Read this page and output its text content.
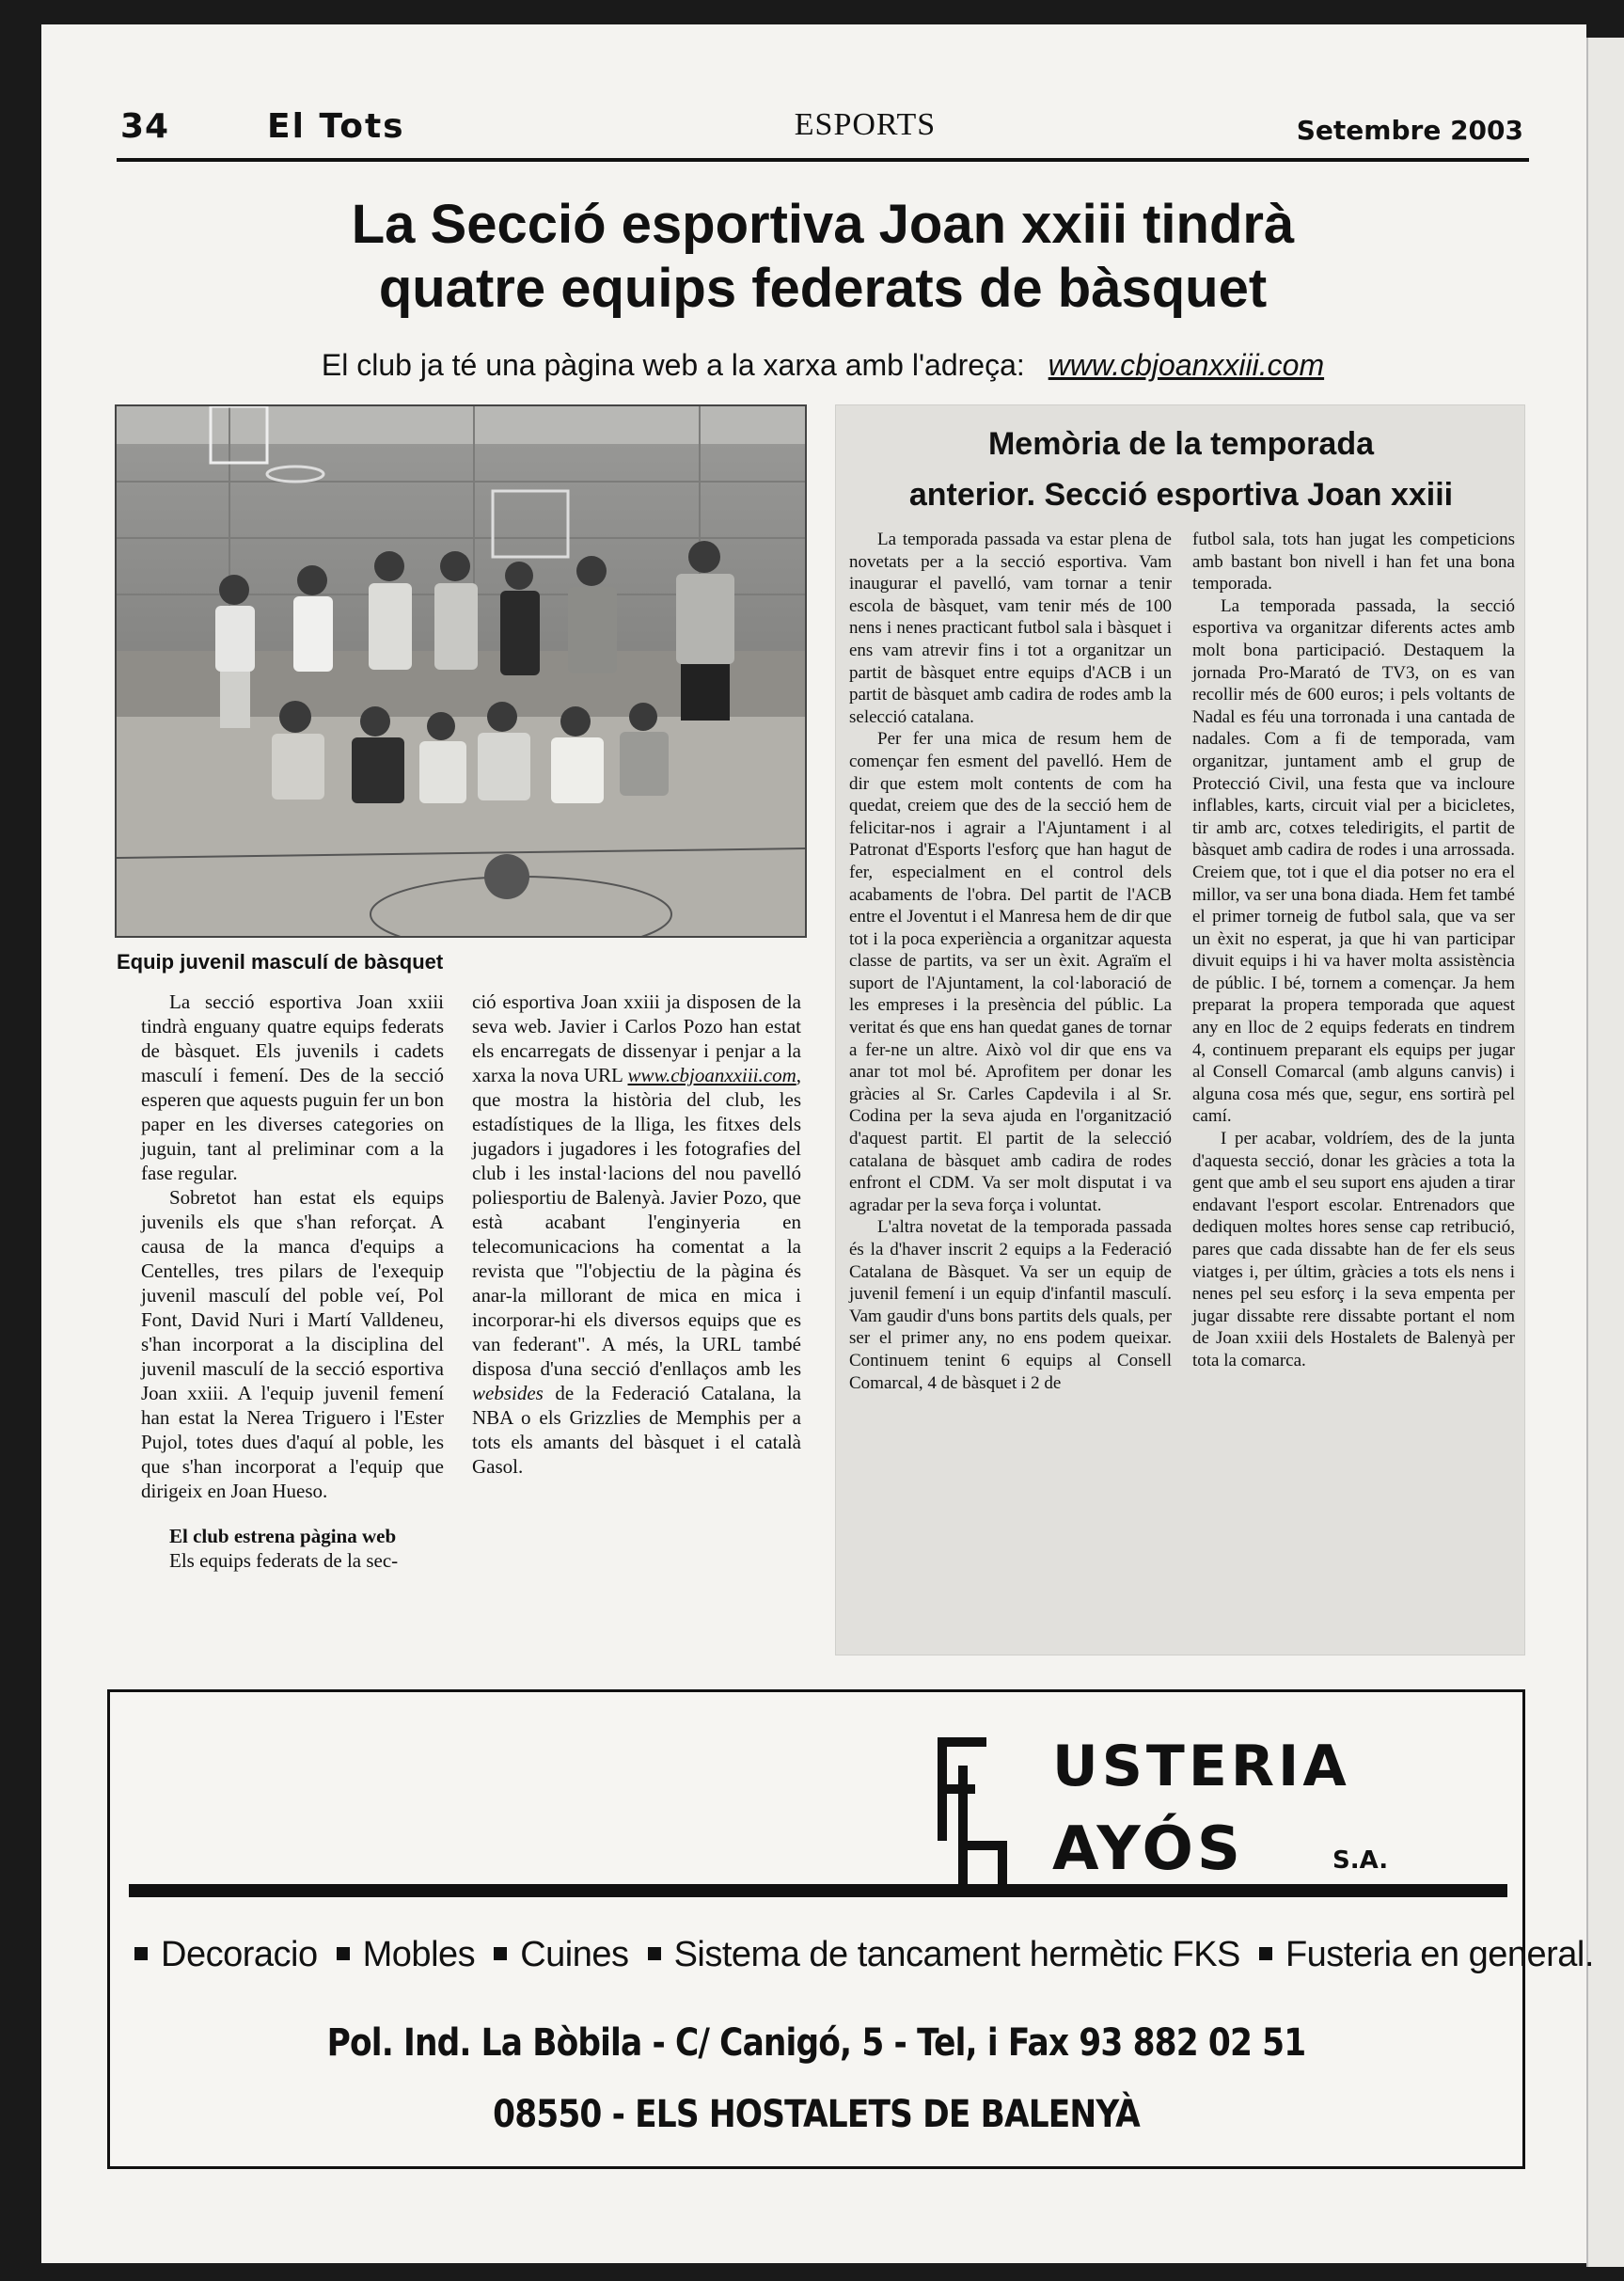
34	El Tots	ESPORTS	Setembre 2003
La Secció esportiva Joan xxiii tindrà
quatre equips federats de bàsquet
El club ja té una pàgina web a la xarxa amb l'adreça: www.cbjoanxxiii.com
Equip juvenil masculí de bàsquet

La secció esportiva Joan xxiii tindrà enguany quatre equips federats de bàsquet. Els juvenils i cadets masculí i femení. Des de la secció esperen que aquests puguin fer un bon paper en les diverses categories on juguin, tant al preliminar com a la fase regular.

Sobretot han estat els equips juvenils els que s'han reforçat. A causa de la manca d'equips a Centelles, tres pilars de l'exequip juvenil masculí del poble veí, Pol Font, David Nuri i Martí Valldeneu, s'han incorporat a la disciplina del juvenil masculí de la secció esportiva Joan xxiii. A l'equip juvenil femení han estat la Nerea Triguero i l'Ester Pujol, totes dues d'aquí al poble, les que s'han incorporat a l'equip que dirigeix en Joan Hueso.

El club estrena pàgina web

Els equips federats de la sec-

ció esportiva Joan xxiii ja disposen de la seva web. Javier i Carlos Pozo han estat els encarregats de dissenyar i penjar a la xarxa la nova URL www.cbjoanxxiii.com, que mostra la història del club, les estadístiques de la lliga, les fitxes dels jugadors i jugadores i les fotografies del club i les instal·lacions del nou pavelló poliesportiu de Balenyà. Javier Pozo, que està acabant l'enginyeria en telecomunicacions ha comentat a la revista que "l'objectiu de la pàgina és anar-la millorant de mica en mica i incorporar-hi els diversos equips que es van federant". A més, la URL també disposa d'una secció d'enllaços amb les websides de la Federació Catalana, la NBA o els Grizzlies de Memphis per a tots els amants del bàsquet i el català Gasol.

Memòria de la temporada
anterior. Secció esportiva Joan xxiii

La temporada passada va estar plena de novetats per a la secció esportiva. Vam inaugurar el pavelló, vam tornar a tenir escola de bàsquet, vam tenir més de 100 nens i nenes practicant futbol sala i bàsquet i ens vam atrevir fins i tot a organitzar un partit de bàsquet entre equips d'ACB i un partit de bàsquet amb cadira de rodes amb la selecció catalana.

Per fer una mica de resum hem de començar fen esment del pavelló. Hem de dir que estem molt contents de com ha quedat, creiem que des de la secció hem de felicitar-nos i agrair a l'Ajuntament i al Patronat d'Esports l'esforç que han hagut de fer, especialment en el control dels acabaments de l'obra. Del partit de l'ACB entre el Joventut i el Manresa hem de dir que tot i la poca experiència a organitzar aquesta classe de partits, va ser un èxit. Agraïm el suport de l'Ajuntament, la col·laboració de les empreses i la presència del públic. La veritat és que ens han quedat ganes de tornar a fer-ne un altre. Això vol dir que ens va anar tot mol bé. Aprofitem per donar les gràcies al Sr. Carles Capdevila i al Sr. Codina per la seva ajuda en l'organització d'aquest partit. El partit de la selecció catalana de bàsquet amb cadira de rodes enfront el CDM. Va ser molt disputat i va agradar per la seva força i voluntat.

L'altra novetat de la temporada passada és la d'haver inscrit 2 equips a la Federació Catalana de Bàsquet. Va ser un equip de juvenil femení i un equip d'infantil masculí. Vam gaudir d'uns bons partits dels quals, per ser el primer any, no ens podem queixar. Continuem tenint 6 equips al Consell Comarcal, 4 de bàsquet i 2 de

futbol sala, tots han jugat les competicions amb bastant bon nivell i han fet una bona temporada.

La temporada passada, la secció esportiva va organitzar diferents actes amb molt bona participació. Destaquem la jornada Pro-Marató de TV3, on es van recollir més de 600 euros; i pels voltants de Nadal es féu una torronada i una cantada de nadales. Com a fi de temporada, vam organitzar, juntament amb el grup de Protecció Civil, una festa que va incloure inflables, karts, circuit vial per a bicicletes, tir amb arc, cotxes teledirigits, el partit de bàsquet amb cadira de rodes i una arrossada. Creiem que, tot i que el dia potser no era el millor, va ser una bona diada. Hem fet també el primer torneig de futbol sala, que va ser un èxit no esperat, ja que hi van participar divuit equips i hi va haver molta assistència de públic. I bé, tornem a començar. Ja hem preparat la propera temporada que aquest any en lloc de 2 equips federats en tindrem 4, continuem preparant els equips per jugar al Consell Comarcal (amb alguns canvis) i alguna cosa més que, segur, ens sortirà pel camí.

I per acabar, voldríem, des de la junta d'aquesta secció, donar les gràcies a tota la gent que amb el seu suport ens ajuden a tirar endavant l'esport escolar. Entrenadors que dediquen moltes hores sense cap retribució, pares que cada dissabte han de fer els seus viatges i, per últim, gràcies a tots els nens i nenes pel seu esforç i la seva empenta per jugar dissabte rere dissabte portant el nom de Joan xxiii dels Hostalets de Balenyà per tota la comarca.

USTERIA
AYÓS	S.A.
Decoracio Mobles Cuines Sistema de tancament hermètic FKS Fusteria en general.
Pol. Ind. La Bòbila - C/ Canigó, 5 - Tel, i Fax 93 882 02 51
08550 - ELS HOSTALETS DE BALENYÀ
